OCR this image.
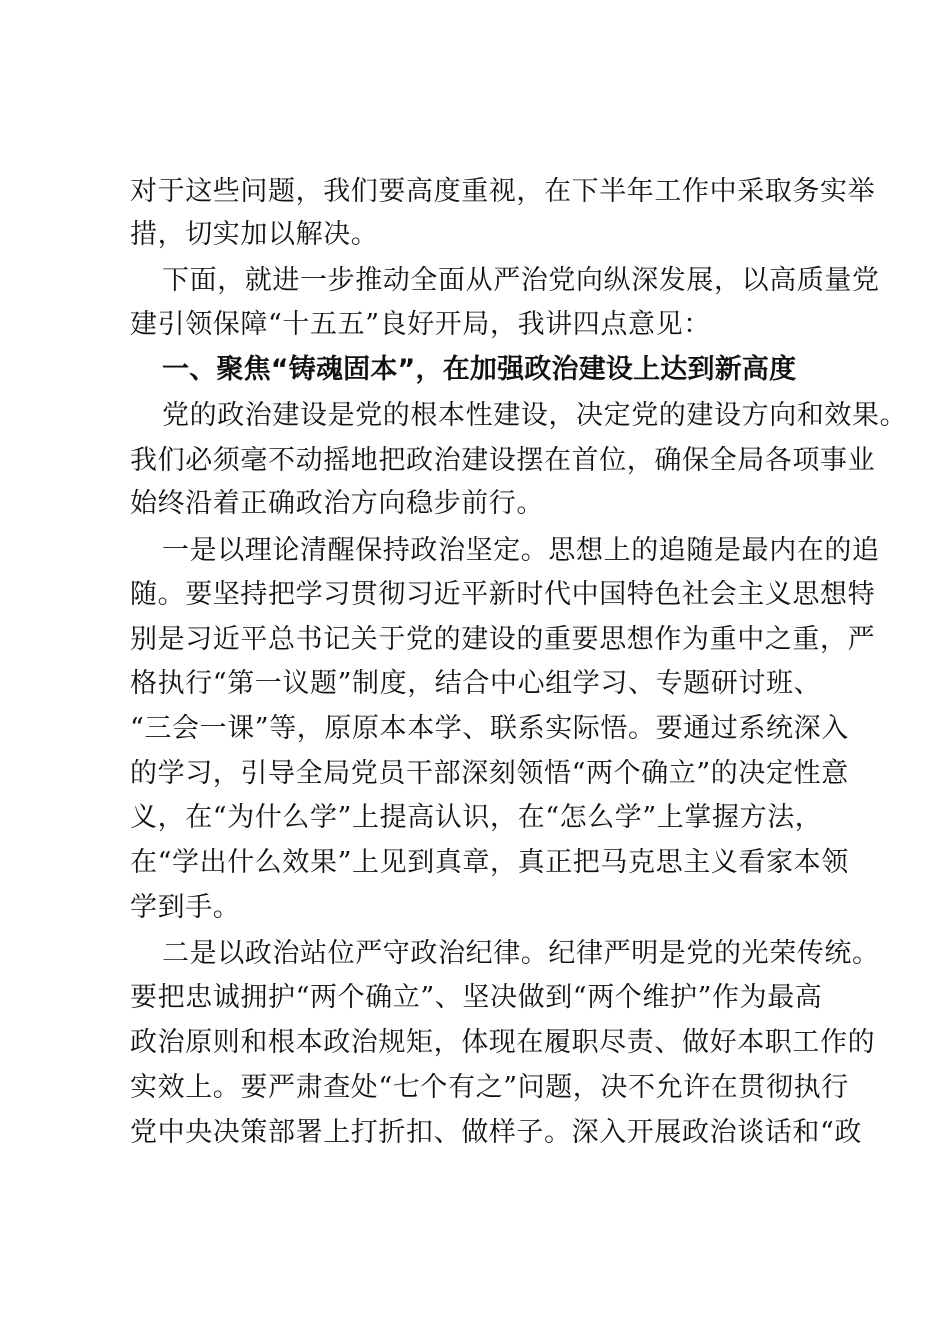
对于这些问题，我们要高度重视，在下半年工作中采取务实举
措，切实加以解决。
下面，就进一步推动全面从严治党向纵深发展，以高质量党
建引领保障“十五五”良好开局，我讲四点意见：
一、聚焦“铸魂固本”，在加强政治建设上达到新高度
党的政治建设是党的根本性建设，决定党的建设方向和效果。
我们必须毫不动摇地把政治建设摆在首位，确保全局各项事业
始终沿着正确政治方向稳步前行。
一是以理论清醒保持政治坚定。思想上的追随是最内在的追
随。要坚持把学习贯彻习近平新时代中国特色社会主义思想特
别是习近平总书记关于党的建设的重要思想作为重中之重，严
格执行“第一议题”制度，结合中心组学习、专题研讨班、
“三会一课”等，原原本本学、联系实际悟。要通过系统深入
的学习，引导全局党员干部深刻领悟“两个确立”的决定性意
义，在“为什么学”上提高认识，在“怎么学”上掌握方法，
在“学出什么效果”上见到真章，真正把马克思主义看家本领
学到手。
二是以政治站位严守政治纪律。纪律严明是党的光荣传统。
要把忠诚拥护“两个确立”、坚决做到“两个维护”作为最高
政治原则和根本政治规矩，体现在履职尽责、做好本职工作的
实效上。要严肃查处“七个有之”问题，决不允许在贯彻执行
党中央决策部署上打折扣、做样子。深入开展政治谈话和“政
